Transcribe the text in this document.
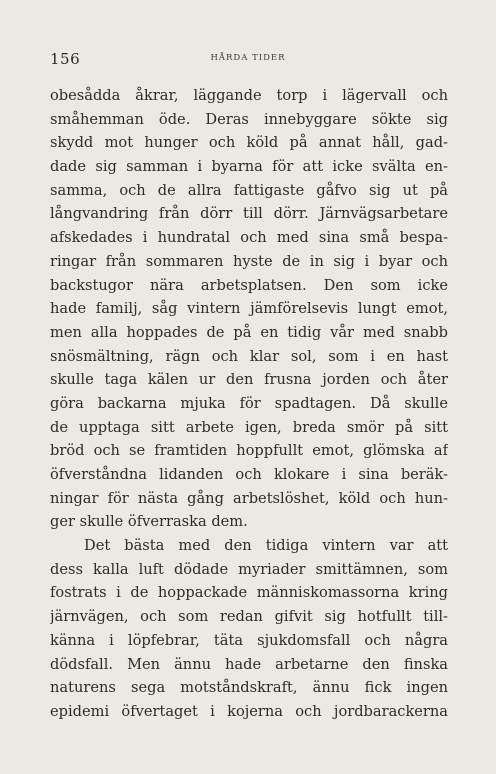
156	HÅRDA TIDER
obesådda åkrar, läggande torp i lägervall och
småhemman öde. Deras innebyggare sökte sig
skydd mot hunger och köld på annat håll, gad-
dade sig samman i byarna för att icke svälta en-
samma, och de allra fattigaste gåfvo sig ut på
långvandring från dörr till dörr. Järnvägsarbetare
afskedades i hundratal och med sina små bespa-
ringar från sommaren hyste de in sig i byar och
backstugor nära arbetsplatsen. Den som icke
hade familj, såg vintern jämförelsevis lungt emot,
men alla hoppades de på en tidig vår med snabb
snösmältning, rägn och klar sol, som i en hast
skulle taga kälen ur den frusna jorden och åter
göra backarna mjuka för spadtagen. Då skulle
de upptaga sitt arbete igen, breda smör på sitt
bröd och se framtiden hoppfullt emot, glömska af
öfverståndna lidanden och klokare i sina beräk-
ningar för nästa gång arbetslöshet, köld och hun-
ger skulle öfverraska dem.
Det bästa med den tidiga vintern var att
dess kalla luft dödade myriader smittämnen, som
fostrats i de hoppackade människomassorna kring
järnvägen, och som redan gifvit sig hotfullt till-
känna i löpfebrar, täta sjukdomsfall och några
dödsfall. Men ännu hade arbetarne den finska
naturens sega motståndskraft, ännu fick ingen
epidemi öfvertaget i kojerna och jordbarackerna
